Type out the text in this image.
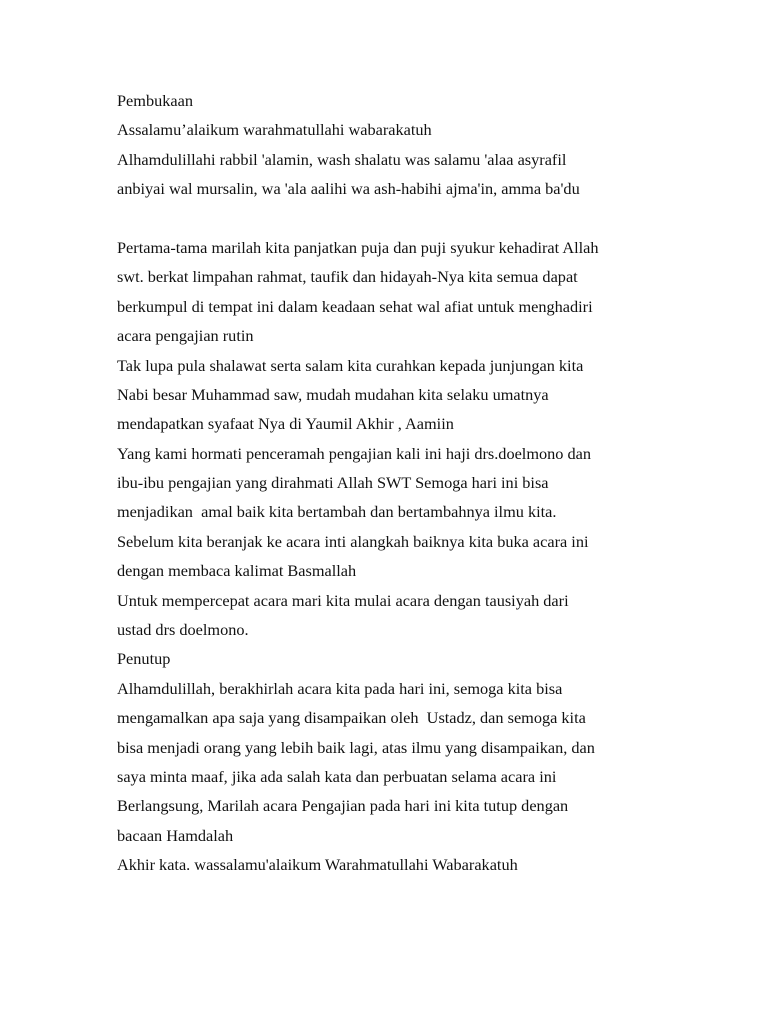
Pembukaan

Assalamu’alaikum warahmatullahi wabarakatuh

Alhamdulillahi rabbil 'alamin, wash shalatu was salamu 'alaa asyrafil

anbiyai wal mursalin, wa 'ala aalihi wa ash-habihi ajma'in, amma ba'du

Pertama-tama marilah kita panjatkan puja dan puji syukur kehadirat Allah

swt. berkat limpahan rahmat, taufik dan hidayah-Nya kita semua dapat

berkumpul di tempat ini dalam keadaan sehat wal afiat untuk menghadiri

acara pengajian rutin

Tak lupa pula shalawat serta salam kita curahkan kepada junjungan kita

Nabi besar Muhammad saw, mudah mudahan kita selaku umatnya

mendapatkan syafaat Nya di Yaumil Akhir , Aamiin

Yang kami hormati penceramah pengajian kali ini haji drs.doelmono dan

ibu-ibu pengajian yang dirahmati Allah SWT Semoga hari ini bisa

menjadikan  amal baik kita bertambah dan bertambahnya ilmu kita.

Sebelum kita beranjak ke acara inti alangkah baiknya kita buka acara ini

dengan membaca kalimat Basmallah

Untuk mempercepat acara mari kita mulai acara dengan tausiyah dari

ustad drs doelmono.

Penutup

Alhamdulillah, berakhirlah acara kita pada hari ini, semoga kita bisa

mengamalkan apa saja yang disampaikan oleh  Ustadz, dan semoga kita

bisa menjadi orang yang lebih baik lagi, atas ilmu yang disampaikan, dan

saya minta maaf, jika ada salah kata dan perbuatan selama acara ini

Berlangsung, Marilah acara Pengajian pada hari ini kita tutup dengan

bacaan Hamdalah

Akhir kata. wassalamu'alaikum Warahmatullahi Wabarakatuh
